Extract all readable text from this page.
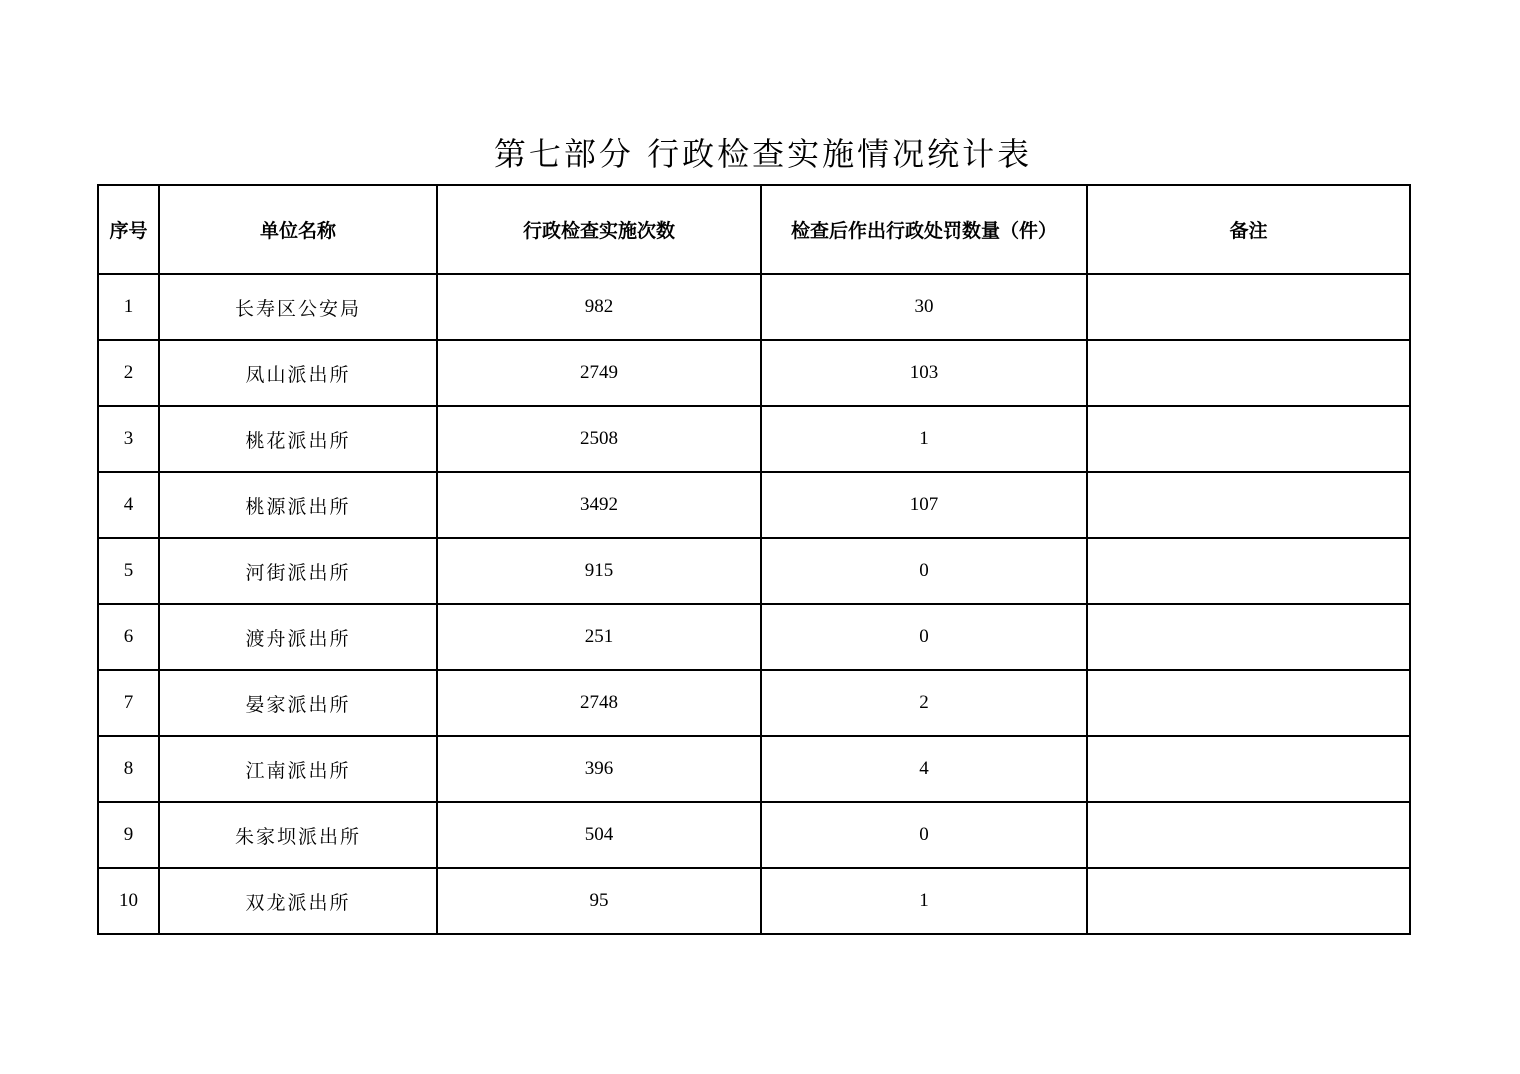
第七部分 行政检查实施情况统计表
序号	单位名称	行政检查实施次数	检查后作出行政处罚数量（件）	备注
1	长寿区公安局	982	30	
2	凤山派出所	2749	103	
3	桃花派出所	2508	1	
4	桃源派出所	3492	107	
5	河街派出所	915	0	
6	渡舟派出所	251	0	
7	晏家派出所	2748	2	
8	江南派出所	396	4	
9	朱家坝派出所	504	0	
10	双龙派出所	95	1	
